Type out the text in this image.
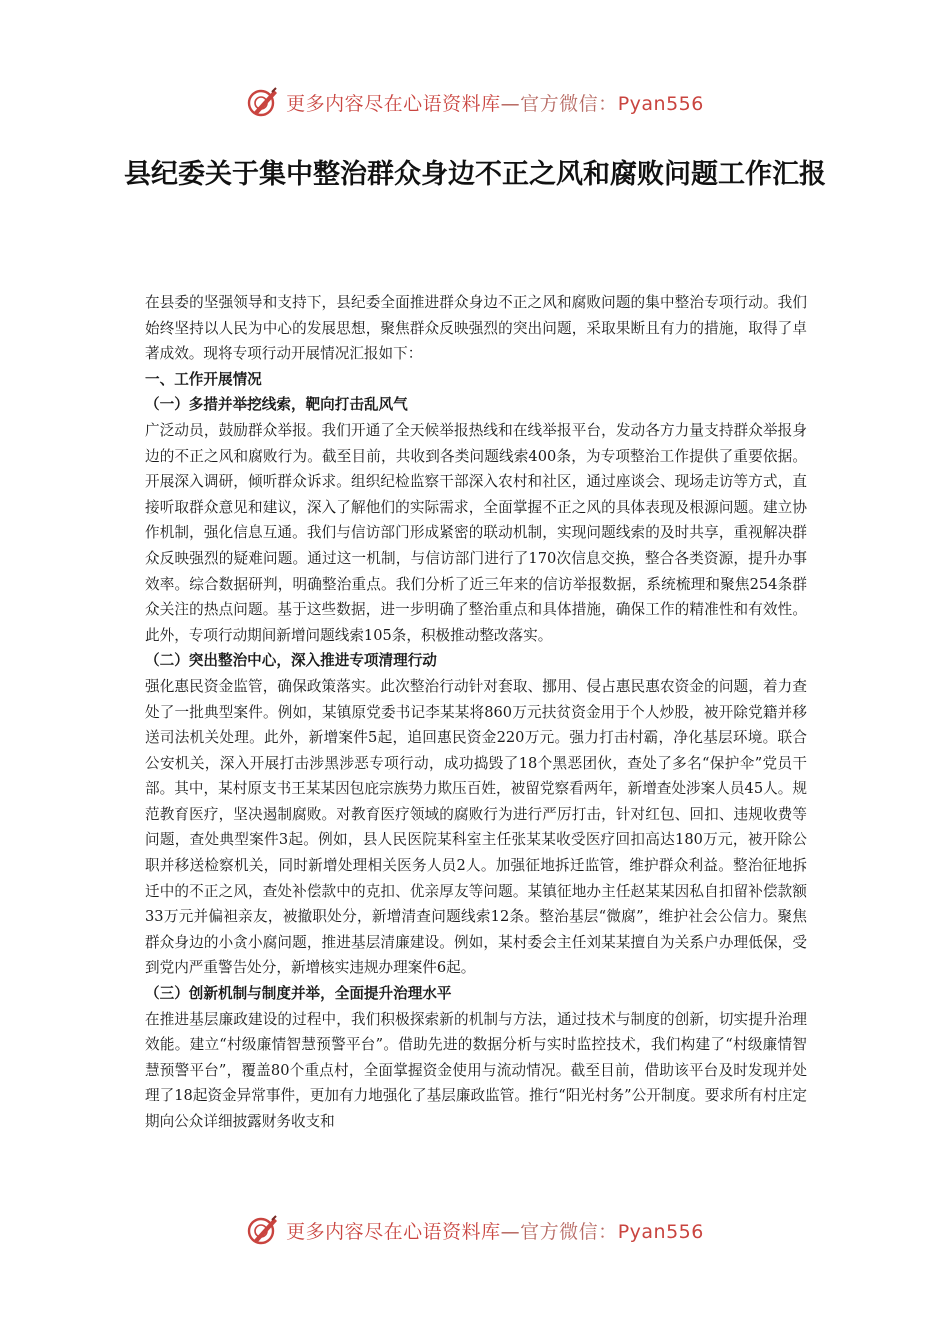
更多内容尽在心语资料库—官方微信：Pyan556
县纪委关于集中整治群众身边不正之风和腐败问题工作汇报

在县委的坚强领导和支持下，县纪委全面推进群众身边不正之风和腐败问题的集中整治专项行动。我们始终坚持以人民为中心的发展思想，聚焦群众反映强烈的突出问题，采取果断且有力的措施，取得了卓著成效。现将专项行动开展情况汇报如下：

一、工作开展情况

（一）多措并举挖线索，靶向打击乱风气

广泛动员，鼓励群众举报。我们开通了全天候举报热线和在线举报平台，发动各方力量支持群众举报身边的不正之风和腐败行为。截至目前，共收到各类问题线索400条，为专项整治工作提供了重要依据。开展深入调研，倾听群众诉求。组织纪检监察干部深入农村和社区，通过座谈会、现场走访等方式，直接听取群众意见和建议，深入了解他们的实际需求，全面掌握不正之风的具体表现及根源问题。建立协作机制，强化信息互通。我们与信访部门形成紧密的联动机制，实现问题线索的及时共享，重视解决群众反映强烈的疑难问题。通过这一机制，与信访部门进行了170次信息交换，整合各类资源，提升办事效率。综合数据研判，明确整治重点。我们分析了近三年来的信访举报数据，系统梳理和聚焦254条群众关注的热点问题。基于这些数据，进一步明确了整治重点和具体措施，确保工作的精准性和有效性。此外，专项行动期间新增问题线索105条，积极推动整改落实。

（二）突出整治中心，深入推进专项清理行动

强化惠民资金监管，确保政策落实。此次整治行动针对套取、挪用、侵占惠民惠农资金的问题，着力查处了一批典型案件。例如，某镇原党委书记李某某将860万元扶贫资金用于个人炒股，被开除党籍并移送司法机关处理。此外，新增案件5起，追回惠民资金220万元。强力打击村霸，净化基层环境。联合公安机关，深入开展打击涉黑涉恶专项行动，成功捣毁了18个黑恶团伙，查处了多名“保护伞”党员干部。其中，某村原支书王某某因包庇宗族势力欺压百姓，被留党察看两年，新增查处涉案人员45人。规范教育医疗，坚决遏制腐败。对教育医疗领域的腐败行为进行严厉打击，针对红包、回扣、违规收费等问题，查处典型案件3起。例如，县人民医院某科室主任张某某收受医疗回扣高达180万元，被开除公职并移送检察机关，同时新增处理相关医务人员2人。加强征地拆迁监管，维护群众利益。整治征地拆迁中的不正之风，查处补偿款中的克扣、优亲厚友等问题。某镇征地办主任赵某某因私自扣留补偿款额33万元并偏袒亲友，被撤职处分，新增清查问题线索12条。整治基层“微腐”，维护社会公信力。聚焦群众身边的小贪小腐问题，推进基层清廉建设。例如，某村委会主任刘某某擅自为关系户办理低保，受到党内严重警告处分，新增核实违规办理案件6起。

（三）创新机制与制度并举，全面提升治理水平

在推进基层廉政建设的过程中，我们积极探索新的机制与方法，通过技术与制度的创新，切实提升治理效能。建立“村级廉情智慧预警平台”。借助先进的数据分析与实时监控技术，我们构建了“村级廉情智慧预警平台”，覆盖80个重点村，全面掌握资金使用与流动情况。截至目前，借助该平台及时发现并处理了18起资金异常事件，更加有力地强化了基层廉政监管。推行“阳光村务”公开制度。要求所有村庄定期向公众详细披露财务收支和

更多内容尽在心语资料库—官方微信：Pyan556
